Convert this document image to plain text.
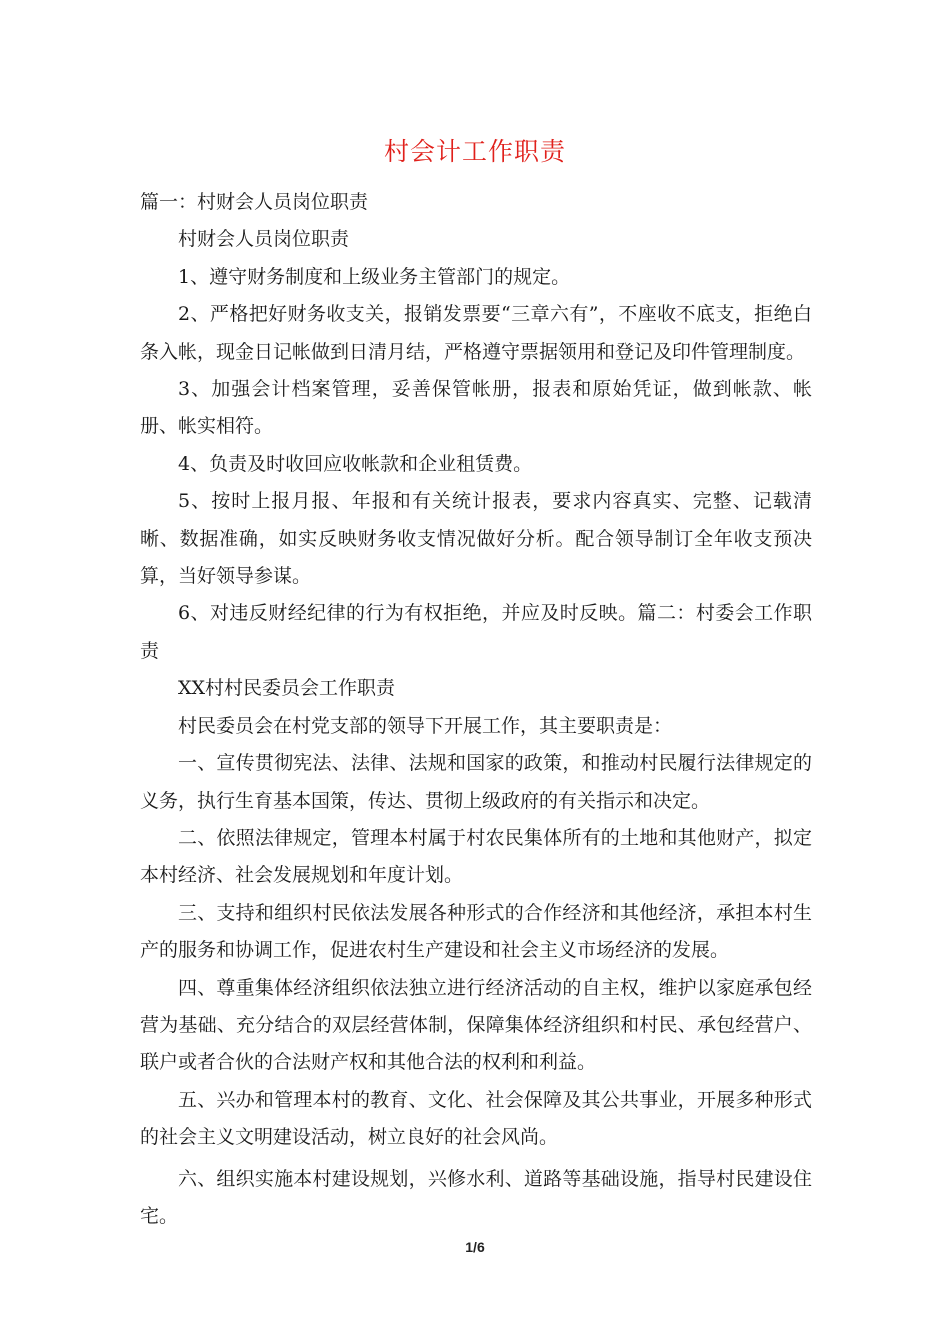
村会计工作职责

篇一：村财会人员岗位职责

村财会人员岗位职责

1、遵守财务制度和上级业务主管部门的规定。

2、严格把好财务收支关，报销发票要“三章六有”，不座收不底支，拒绝白条入帐，现金日记帐做到日清月结，严格遵守票据领用和登记及印件管理制度。

3、加强会计档案管理，妥善保管帐册，报表和原始凭证，做到帐款、帐册、帐实相符。

4、负责及时收回应收帐款和企业租赁费。

5、按时上报月报、年报和有关统计报表，要求内容真实、完整、记载清晰、数据准确，如实反映财务收支情况做好分析。配合领导制订全年收支预决算，当好领导参谋。

6、对违反财经纪律的行为有权拒绝，并应及时反映。篇二：村委会工作职责

XX村村民委员会工作职责

村民委员会在村党支部的领导下开展工作，其主要职责是：

一、宣传贯彻宪法、法律、法规和国家的政策，和推动村民履行法律规定的义务，执行生育基本国策，传达、贯彻上级政府的有关指示和决定。

二、依照法律规定，管理本村属于村农民集体所有的土地和其他财产，拟定本村经济、社会发展规划和年度计划。

三、支持和组织村民依法发展各种形式的合作经济和其他经济，承担本村生产的服务和协调工作，促进农村生产建设和社会主义市场经济的发展。

四、尊重集体经济组织依法独立进行经济活动的自主权，维护以家庭承包经营为基础、充分结合的双层经营体制，保障集体经济组织和村民、承包经营户、联户或者合伙的合法财产权和其他合法的权利和利益。

五、兴办和管理本村的教育、文化、社会保障及其公共事业，开展多种形式的社会主义文明建设活动，树立良好的社会风尚。

六、组织实施本村建设规划，兴修水利、道路等基础设施，指导村民建设住宅。

1/6
